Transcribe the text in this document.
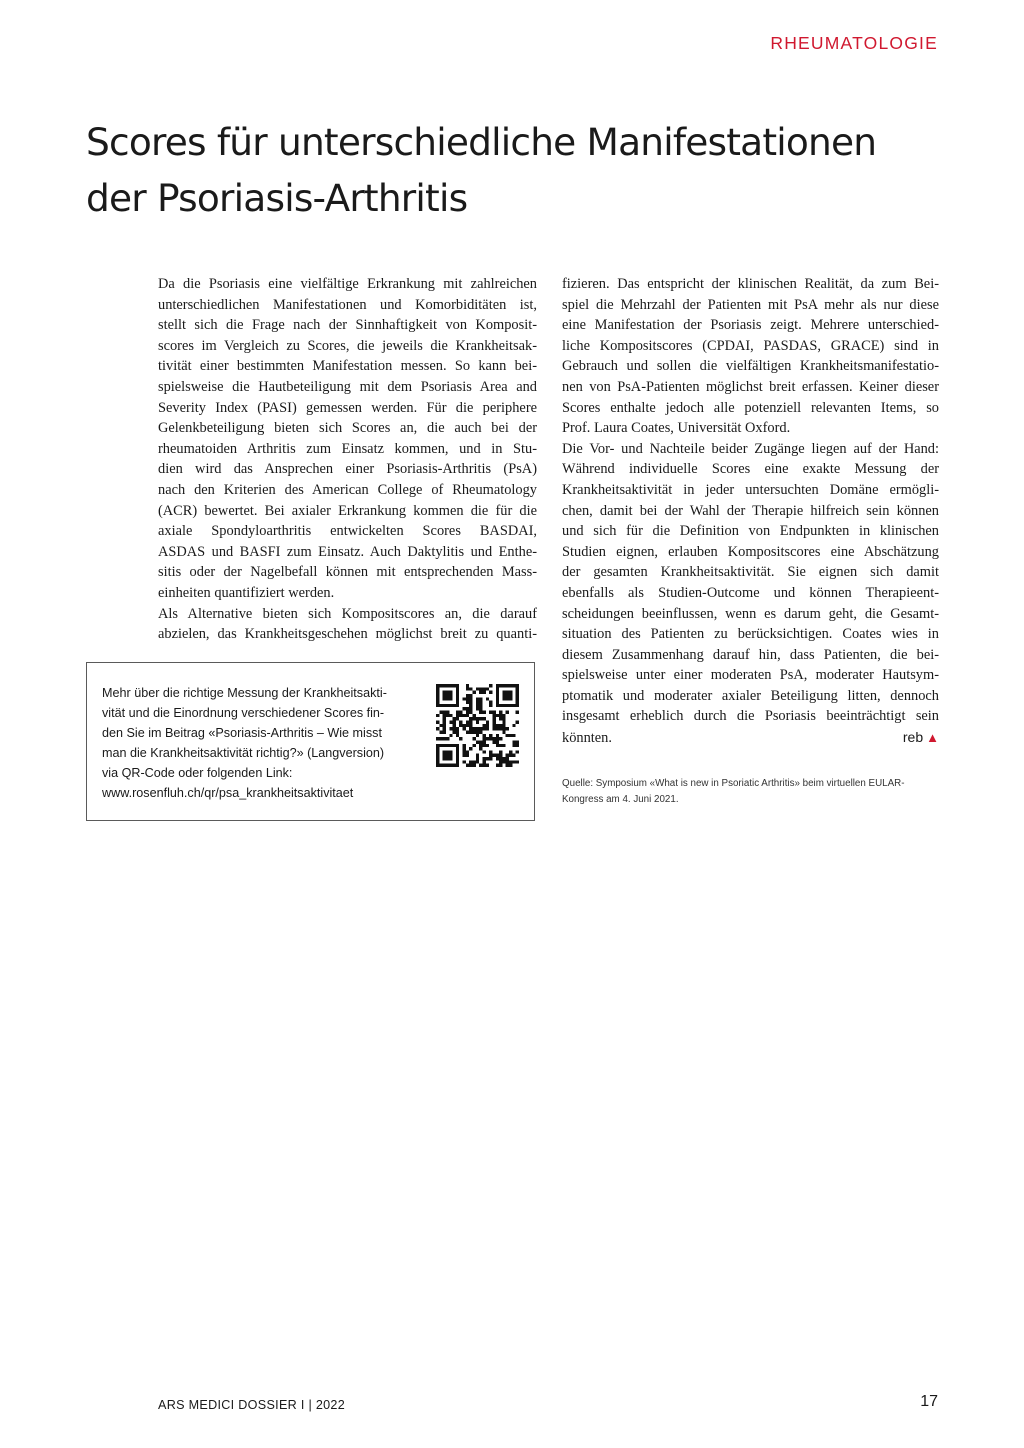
RHEUMATOLOGIE
Scores für unterschiedliche Manifestationen
der Psoriasis-Arthritis
Da die Psoriasis eine vielfältige Erkrankung mit zahlreichen
unterschiedlichen Manifestationen und Komorbiditäten ist,
stellt sich die Frage nach der Sinnhaftigkeit von Komposit-
scores im Vergleich zu Scores, die jeweils die Krankheitsak-
tivität einer bestimmten Manifestation messen. So kann bei-
spielsweise die Hautbeteiligung mit dem Psoriasis Area and
Severity Index (PASI) gemessen werden. Für die periphere
Gelenkbeteiligung bieten sich Scores an, die auch bei der
rheumatoiden Arthritis zum Einsatz kommen, und in Stu-
dien wird das Ansprechen einer Psoriasis-Arthritis (PsA)
nach den Kriterien des American College of Rheumatology
(ACR) bewertet. Bei axialer Erkrankung kommen die für die
axiale Spondyloarthritis entwickelten Scores BASDAI,
ASDAS und BASFI zum Einsatz. Auch Daktylitis und Enthe-
sitis oder der Nagelbefall können mit entsprechenden Mass-
einheiten quantifiziert werden.
Als Alternative bieten sich Kompositscores an, die darauf
abzielen, das Krankheitsgeschehen möglichst breit zu quanti-
fizieren. Das entspricht der klinischen Realität, da zum Bei-
spiel die Mehrzahl der Patienten mit PsA mehr als nur diese
eine Manifestation der Psoriasis zeigt. Mehrere unterschied-
liche Kompositscores (CPDAI, PASDAS, GRACE) sind in
Gebrauch und sollen die vielfältigen Krankheitsmanifestatio-
nen von PsA-Patienten möglichst breit erfassen. Keiner dieser
Scores enthalte jedoch alle potenziell relevanten Items, so
Prof. Laura Coates, Universität Oxford.
Die Vor- und Nachteile beider Zugänge liegen auf der Hand:
Während individuelle Scores eine exakte Messung der
Krankheitsaktivität in jeder untersuchten Domäne ermögli-
chen, damit bei der Wahl der Therapie hilfreich sein können
und sich für die Definition von Endpunkten in klinischen
Studien eignen, erlauben Kompositscores eine Abschätzung
der gesamten Krankheitsaktivität. Sie eignen sich damit
ebenfalls als Studien-Outcome und können Therapieent-
scheidungen beeinflussen, wenn es darum geht, die Gesamt-
situation des Patienten zu berücksichtigen. Coates wies in
diesem Zusammenhang darauf hin, dass Patienten, die bei-
spielsweise unter einer moderaten PsA, moderater Hautsym-
ptomatik und moderater axialer Beteiligung litten, dennoch
insgesamt erheblich durch die Psoriasis beeinträchtigt sein
könnten.	reb ▲
Mehr über die richtige Messung der Krankheitsakti-
vität und die Einordnung verschiedener Scores fin-
den Sie im Beitrag «Psoriasis-Arthritis – Wie misst
man die Krankheitsaktivität richtig?» (Langversion)
via QR-Code oder folgenden Link:
www.rosenfluh.ch/qr/psa_krankheitsaktivitaet
Quelle: Symposium «What is new in Psoriatic Arthritis» beim virtuellen EULAR-
Kongress am 4. Juni 2021.
ARS MEDICI DOSSIER I | 2022	17
